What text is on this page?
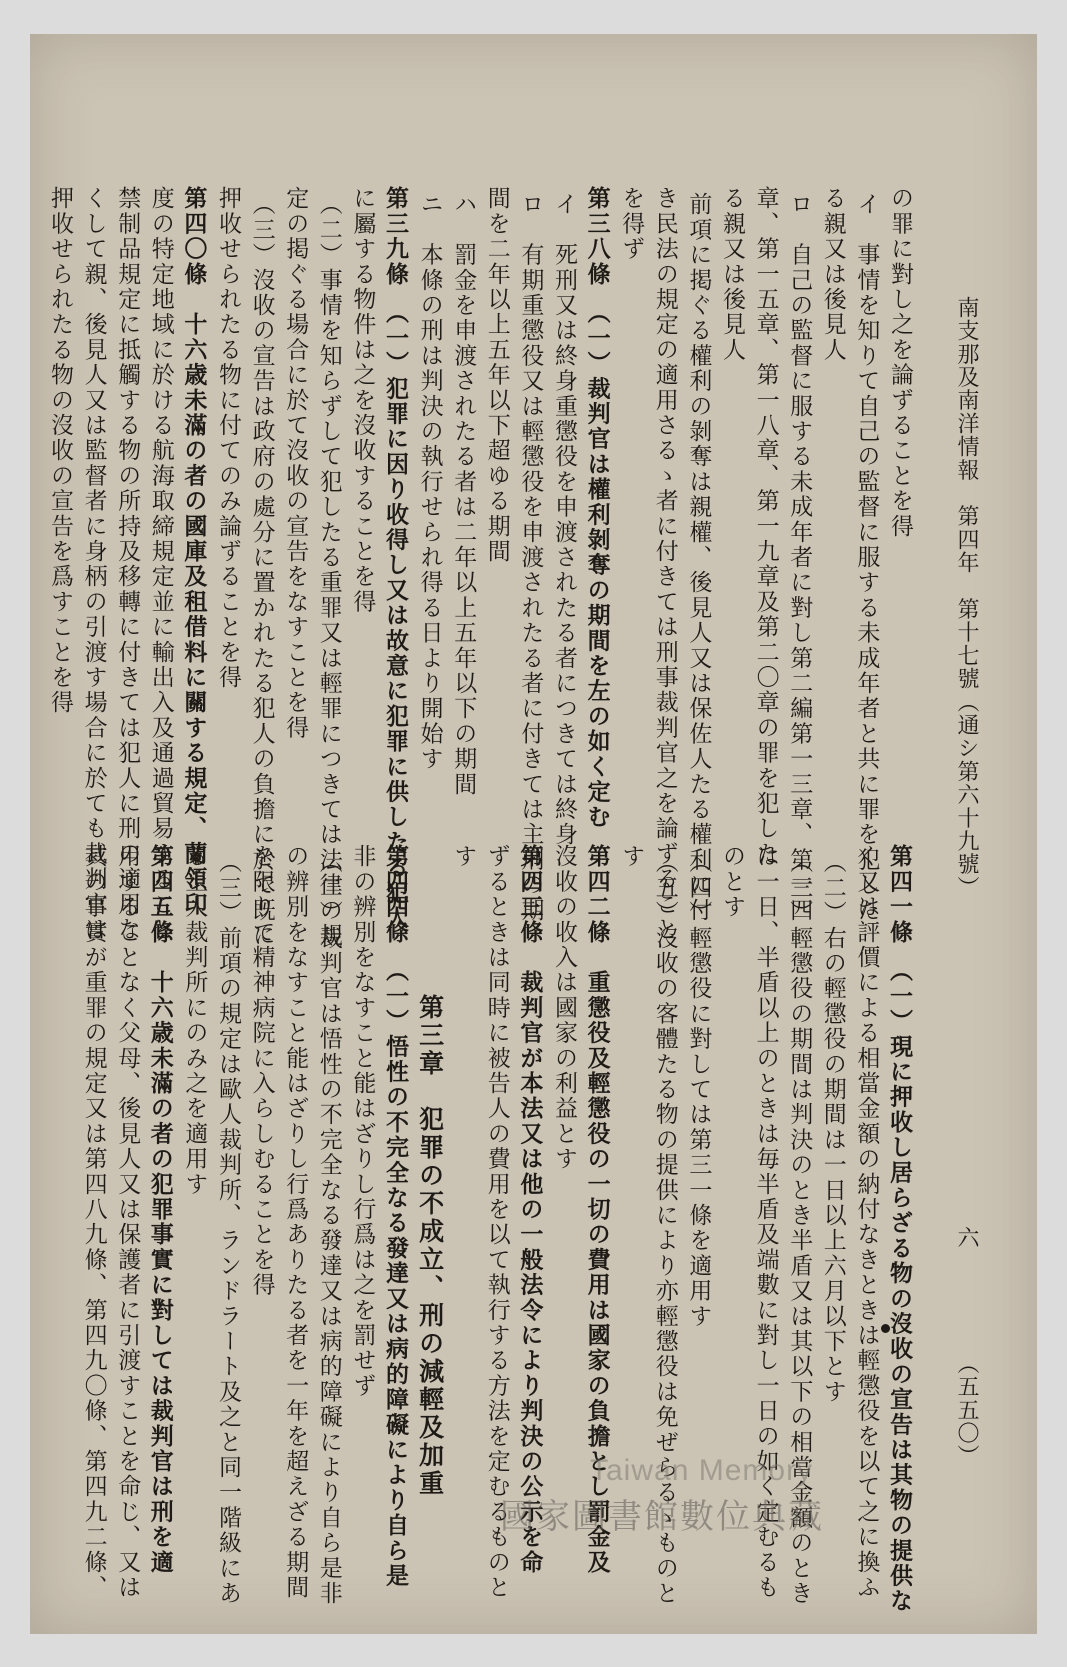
南支那及南洋情報　第四年　第十七號（通シ第六十九號）
六
（五五〇）
の罪に對し之を論ずることを得
イ　事情を知りて自己の監督に服する未成年者と共に罪を犯した
る親又は後見人
ロ　自己の監督に服する未成年者に對し第二編第一三章、第一四
章、第一五章、第一八章、第一九章及第二〇章の罪を犯した
る親又は後見人
前項に掲ぐる權利の剝奪は親權、後見人又は保佐人たる權利に付
き民法の規定の適用さるゝ者に付きては刑事裁判官之を論ずること
を得ず
第三八條　（一）裁判官は權利剝奪の期間を左の如く定む
イ　死刑又は終身重懲役を申渡されたる者につきては終身
ロ　有期重懲役又は輕懲役を申渡されたる者に付きては主刑の期
間を二年以上五年以下超ゆる期間
ハ　罰金を申渡されたる者は二年以上五年以下の期間
ニ　本條の刑は判決の執行せられ得る日より開始す
第三九條　（一）犯罪に因り收得し又は故意に犯罪に供したる犯人
に屬する物件は之を沒收することを得
（二）事情を知らずして犯したる重罪又は輕罪につきては法律の規
定の掲ぐる場合に於て沒收の宣告をなすことを得
（三）沒收の宣告は政府の處分に置かれたる犯人の負擔に於て既に
押收せられたる物に付てのみ論ずることを得
第四〇條　十六歳未滿の者の國庫及租借料に關する規定、蘭領印
度の特定地域に於ける航海取締規定並に輸出入及通過貿易すること
禁制品規定に抵觸する物の所持及移轉に付きては犯人に刑の適用な
くして親、後見人又は監督者に身柄の引渡す場合に於ても裁判官は
押收せられたる物の沒收の宣告を爲すことを得
第四一條　（一）現に押收し居らざる物の沒收の宣告は其物の提供な
く又は評價による相當金額の納付なきときは輕懲役を以て之に換ふ
（二）右の輕懲役の期間は一日以上六月以下とす
（三）輕懲役の期間は判決のとき半盾又は其以下の相當金額のとき
は一日、半盾以上のときは毎半盾及端數に對し一日の如く定むるも
のとす
（四）輕懲役に對しては第三一條を適用す
（五）沒收の客體たる物の提供により亦輕懲役は免ぜらるゝものと
す
第四二條　重懲役及輕懲役の一切の費用は國家の負擔とし罰金及
沒收の收入は國家の利益とす
第四三條　裁判官が本法又は他の一般法令により判決の公示を命
ずるときは同時に被告人の費用を以て執行する方法を定むるものと
す
第三章　犯罪の不成立、刑の減輕及加重
第四四條　（一）悟性の不完全なる發達又は病的障礙により自ら是
非の辨別をなすこと能はざりし行爲は之を罰せず
（二）裁判官は悟性の不完全なる發達又は病的障礙により自ら是非
の辨別をなすこと能はざりし行爲ありたる者を一年を超えざる期間
を限りて精神病院に入らしむることを得
（三）前項の規定は歐人裁判所、ランドラート及之と同一階級にあ
る土人裁判所にのみ之を適用す
第四五條　十六歳未滿の者の犯罪事實に對しては裁判官は刑を適
用することなく父母、後見人又は保護者に引渡すことを命じ、又は
其の事實が重罪の規定又は第四八九條、第四九〇條、第四九二條、	Taiwan Memory
國家圖書館數位典藏
